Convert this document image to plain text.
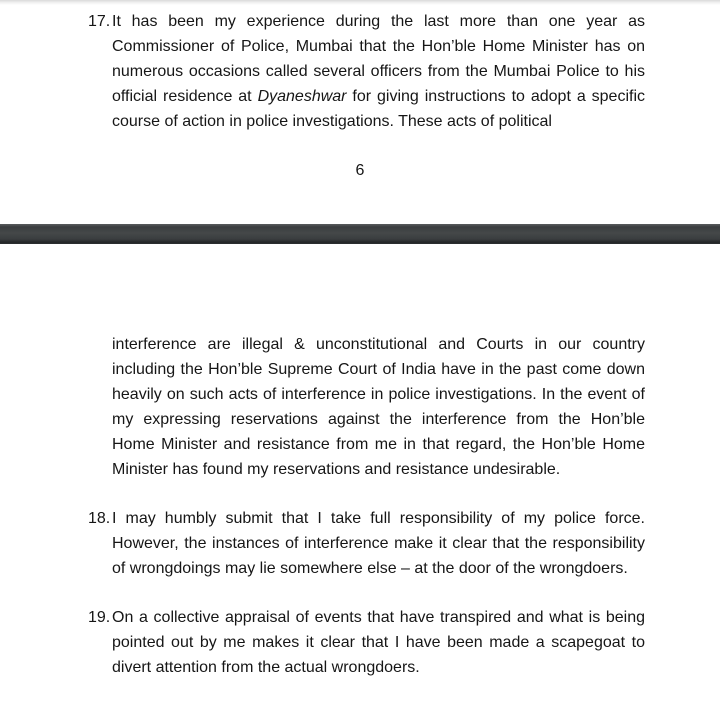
17. It has been my experience during the last more than one year as Commissioner of Police, Mumbai that the Hon’ble Home Minister has on numerous occasions called several officers from the Mumbai Police to his official residence at Dyaneshwar for giving instructions to adopt a specific course of action in police investigations. These acts of political
6
interference are illegal & unconstitutional and Courts in our country including the Hon’ble Supreme Court of India have in the past come down heavily on such acts of interference in police investigations. In the event of my expressing reservations against the interference from the Hon’ble Home Minister and resistance from me in that regard, the Hon’ble Home Minister has found my reservations and resistance undesirable.
18. I may humbly submit that I take full responsibility of my police force. However, the instances of interference make it clear that the responsibility of wrongdoings may lie somewhere else – at the door of the wrongdoers.
19. On a collective appraisal of events that have transpired and what is being pointed out by me makes it clear that I have been made a scapegoat to divert attention from the actual wrongdoers.
